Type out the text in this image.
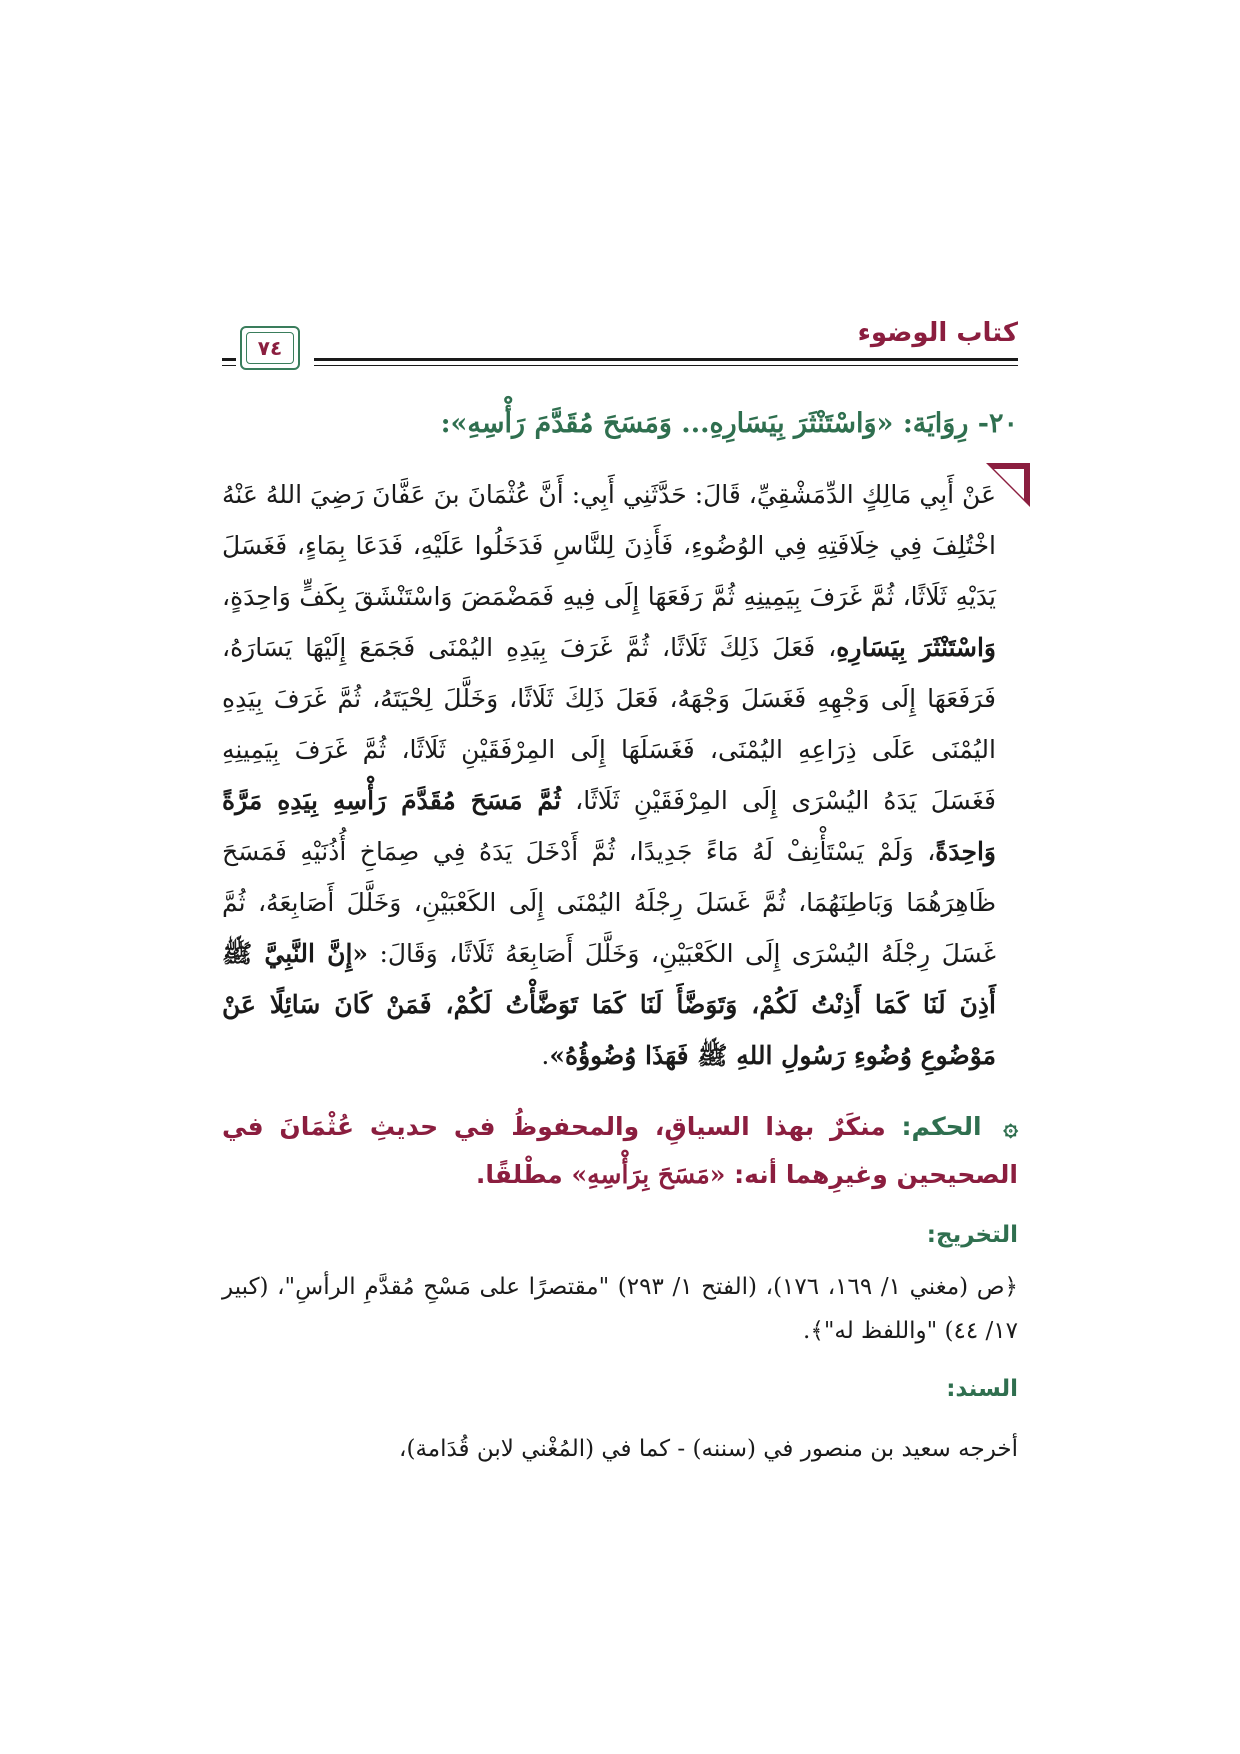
٧٤	كتاب الوضوء
٢٠- رِوَايَة: «وَاسْتَنْثَرَ بِيَسَارِهِ... وَمَسَحَ مُقَدَّمَ رَأْسِهِ»:

عَنْ أَبِي مَالِكٍ الدِّمَشْقِيِّ، قَالَ: حَدَّثَنِي أَبِي: أَنَّ عُثْمَانَ بنَ عَفَّانَ رَضِيَ اللهُ عَنْهُ اخْتُلِفَ فِي خِلَافَتِهِ فِي الوُضُوءِ، فَأَذِنَ لِلنَّاسِ فَدَخَلُوا عَلَيْهِ، فَدَعَا بِمَاءٍ، فَغَسَلَ يَدَيْهِ ثَلَاثًا، ثُمَّ غَرَفَ بِيَمِينِهِ ثُمَّ رَفَعَهَا إِلَى فِيهِ فَمَضْمَضَ وَاسْتَنْشَقَ بِكَفٍّ وَاحِدَةٍ، وَاسْتَنْثَرَ بِيَسَارِهِ، فَعَلَ ذَلِكَ ثَلَاثًا، ثُمَّ غَرَفَ بِيَدِهِ اليُمْنَى فَجَمَعَ إِلَيْهَا يَسَارَهُ، فَرَفَعَهَا إِلَى وَجْهِهِ فَغَسَلَ وَجْهَهُ، فَعَلَ ذَلِكَ ثَلَاثًا، وَخَلَّلَ لِحْيَتَهُ، ثُمَّ غَرَفَ بِيَدِهِ اليُمْنَى عَلَى ذِرَاعِهِ اليُمْنَى، فَغَسَلَهَا إِلَى المِرْفَقَيْنِ ثَلَاثًا، ثُمَّ غَرَفَ بِيَمِينِهِ فَغَسَلَ يَدَهُ اليُسْرَى إِلَى المِرْفَقَيْنِ ثَلَاثًا، ثُمَّ مَسَحَ مُقَدَّمَ رَأْسِهِ بِيَدِهِ مَرَّةً وَاحِدَةً، وَلَمْ يَسْتَأْنِفْ لَهُ مَاءً جَدِيدًا، ثُمَّ أَدْخَلَ يَدَهُ فِي صِمَاخِ أُذُنَيْهِ فَمَسَحَ ظَاهِرَهُمَا وَبَاطِنَهُمَا، ثُمَّ غَسَلَ رِجْلَهُ اليُمْنَى إِلَى الكَعْبَيْنِ، وَخَلَّلَ أَصَابِعَهُ، ثُمَّ غَسَلَ رِجْلَهُ اليُسْرَى إِلَى الكَعْبَيْنِ، وَخَلَّلَ أَصَابِعَهُ ثَلَاثًا، وَقَالَ: «إِنَّ النَّبِيَّ ﷺ أَذِنَ لَنَا كَمَا أَذِنْتُ لَكُمْ، وَتَوَضَّأَ لَنَا كَمَا تَوَضَّأْتُ لَكُمْ، فَمَنْ كَانَ سَائِلًا عَنْ مَوْضُوعِ وُضُوءِ رَسُولِ اللهِ ﷺ فَهَذَا وُضُوؤُهُ».

۞ الحكم: منكَرٌ بهذا السياقِ، والمحفوظُ في حديثِ عُثْمَانَ في الصحيحين وغيرِهما أنه: «مَسَحَ بِرَأْسِهِ» مطْلقًا.
التخريج:

﴿ص (مغني ١/ ١٦٩، ١٧٦)، (الفتح ١/ ٢٩٣) "مقتصرًا على مَسْحِ مُقدَّمِ الرأسِ"، (كبير ١٧/ ٤٤) "واللفظ له"﴾.

السند:

أخرجه سعيد بن منصور في (سننه) - كما في (المُغْني لابن قُدَامة)،
